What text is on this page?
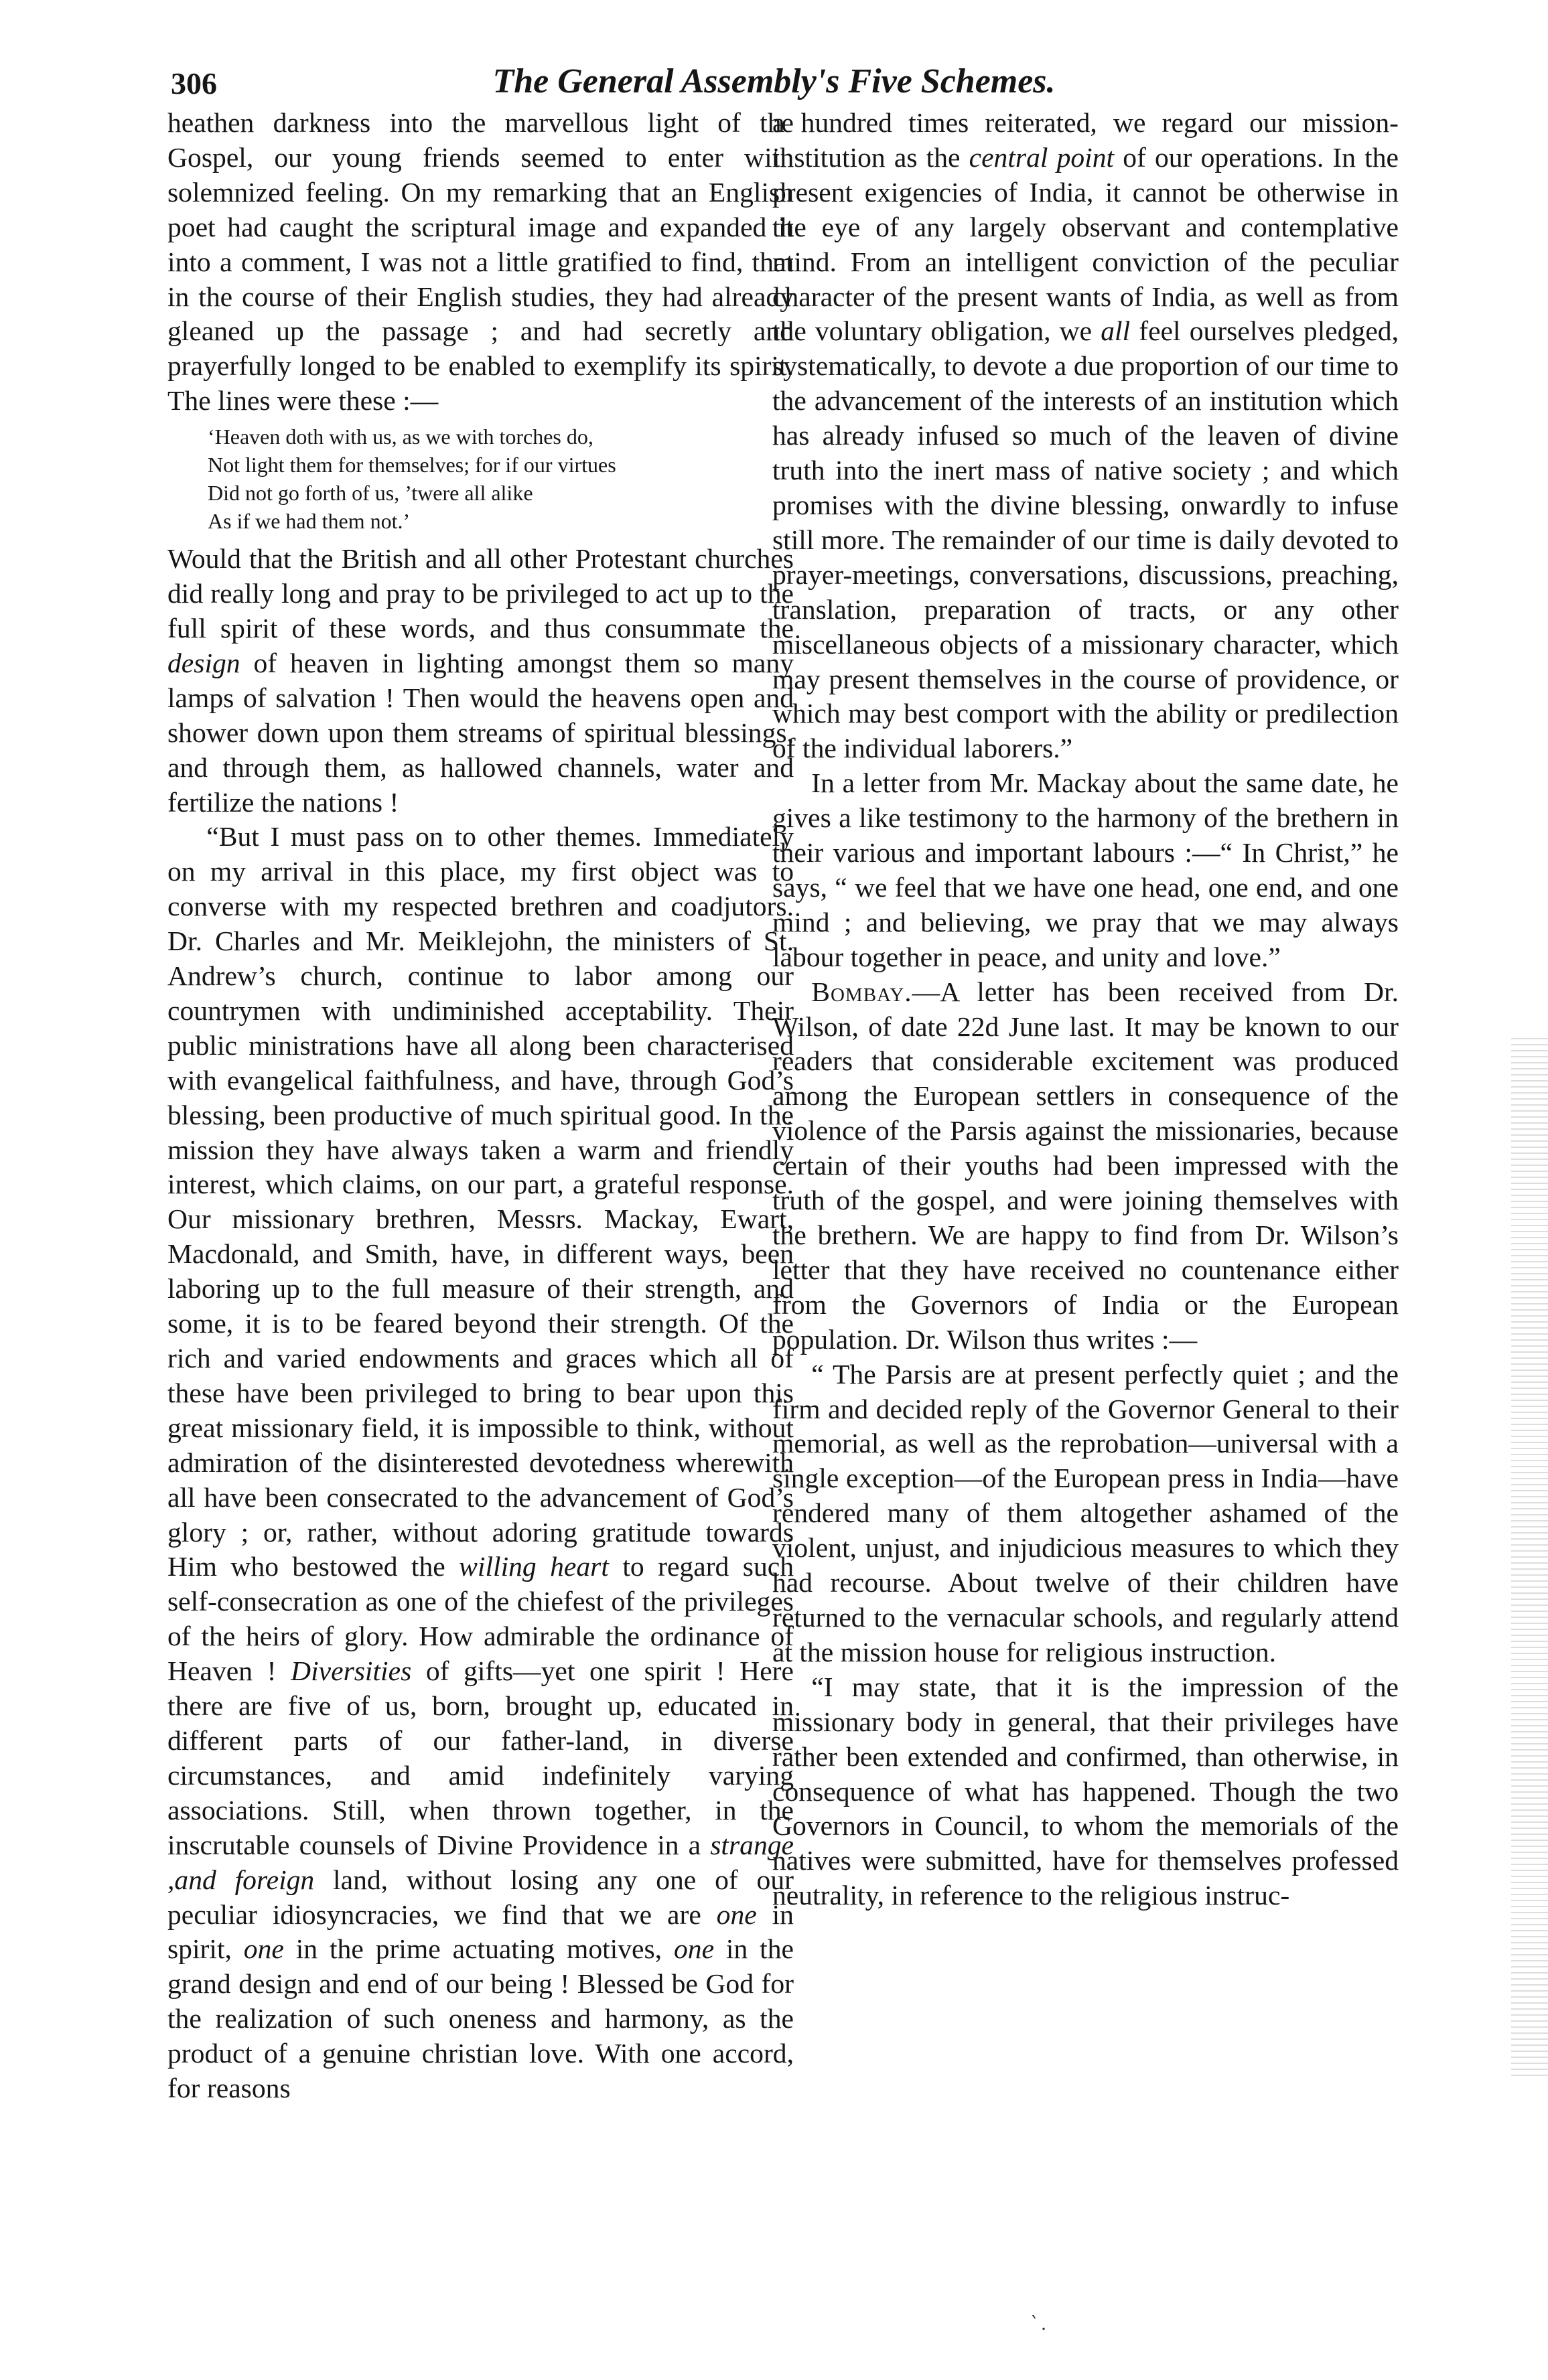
306	The General Assembly's Five Schemes.

heathen darkness into the marvellous light of the Gospel, our young friends seemed to enter with solemnized feeling. On my remarking that an English poet had caught the scriptural image and expanded it into a comment, I was not a little gratified to find, that in the course of their English studies, they had already gleaned up the passage ; and had secretly and prayerfully longed to be enabled to exemplify its spirit. The lines were these :—

‘Heaven doth with us, as we with torches do,
Not light them for themselves; for if our virtues
Did not go forth of us, ’twere all alike
As if we had them not.’

Would that the British and all other Protestant churches did really long and pray to be privileged to act up to the full spirit of these words, and thus consummate the design of heaven in lighting amongst them so many lamps of salvation ! Then would the heavens open and shower down upon them streams of spiritual blessings, and through them, as hallowed channels, water and fertilize the nations !

“But I must pass on to other themes. Immediately on my arrival in this place, my first object was to converse with my respected brethren and coadjutors. Dr. Charles and Mr. Meiklejohn, the ministers of St. Andrew’s church, continue to labor among our countrymen with undiminished acceptability. Their public ministrations have all along been characterised with evangelical faithfulness, and have, through God’s blessing, been productive of much spiritual good. In the mission they have always taken a warm and friendly interest, which claims, on our part, a grateful response. Our missionary brethren, Messrs. Mackay, Ewart, Macdonald, and Smith, have, in different ways, been laboring up to the full measure of their strength, and some, it is to be feared beyond their strength. Of the rich and varied endowments and graces which all of these have been privileged to bring to bear upon this great missionary field, it is impossible to think, without admiration of the disinterested devotedness wherewith all have been consecrated to the advancement of God’s glory ; or, rather, without adoring gratitude towards Him who bestowed the willing heart to regard such self-consecration as one of the chiefest of the privileges of the heirs of glory. How admirable the ordinance of Heaven ! Diversities of gifts—yet one spirit ! Here there are five of us, born, brought up, educated in different parts of our father-land, in diverse circumstances, and amid indefinitely varying associations. Still, when thrown together, in the inscrutable counsels of Divine Providence in a strange ,and foreign land, without losing any one of our peculiar idiosyncracies, we find that we are one in spirit, one in the prime actuating motives, one in the grand design and end of our being ! Blessed be God for the realization of such oneness and harmony, as the product of a genuine christian love. With one accord, for reasons

a hundred times reiterated, we regard our mission-institution as the central point of our operations. In the present exigencies of India, it cannot be otherwise in the eye of any largely observant and contemplative mind. From an intelligent conviction of the peculiar character of the present wants of India, as well as from the voluntary obligation, we all feel ourselves pledged, systematically, to devote a due proportion of our time to the advancement of the interests of an institution which has already infused so much of the leaven of divine truth into the inert mass of native society ; and which promises with the divine blessing, onwardly to infuse still more. The remainder of our time is daily devoted to prayer-meetings, conversations, discussions, preaching, translation, preparation of tracts, or any other miscellaneous objects of a missionary character, which may present themselves in the course of providence, or which may best comport with the ability or predilection of the individual laborers.”

In a letter from Mr. Mackay about the same date, he gives a like testimony to the harmony of the brethern in their various and important labours :—“ In Christ,” he says, “ we feel that we have one head, one end, and one mind ; and believing, we pray that we may always labour together in peace, and unity and love.”

Bombay.—A letter has been received from Dr. Wilson, of date 22d June last. It may be known to our readers that considerable excitement was produced among the European settlers in consequence of the violence of the Parsis against the missionaries, because certain of their youths had been impressed with the truth of the gospel, and were joining themselves with the brethern. We are happy to find from Dr. Wilson’s letter that they have received no countenance either from the Governors of India or the European population. Dr. Wilson thus writes :—

“ The Parsis are at present perfectly quiet ; and the firm and decided reply of the Governor General to their memorial, as well as the reprobation—universal with a single exception—of the European press in India—have rendered many of them altogether ashamed of the violent, unjust, and injudicious measures to which they had recourse. About twelve of their children have returned to the vernacular schools, and regularly attend at the mission house for religious instruction.

“I may state, that it is the impression of the missionary body in general, that their privileges have rather been extended and confirmed, than otherwise, in consequence of what has happened. Though the two Governors in Council, to whom the memorials of the natives were submitted, have for themselves professed neutrality, in reference to the religious instruc-

‵ .
